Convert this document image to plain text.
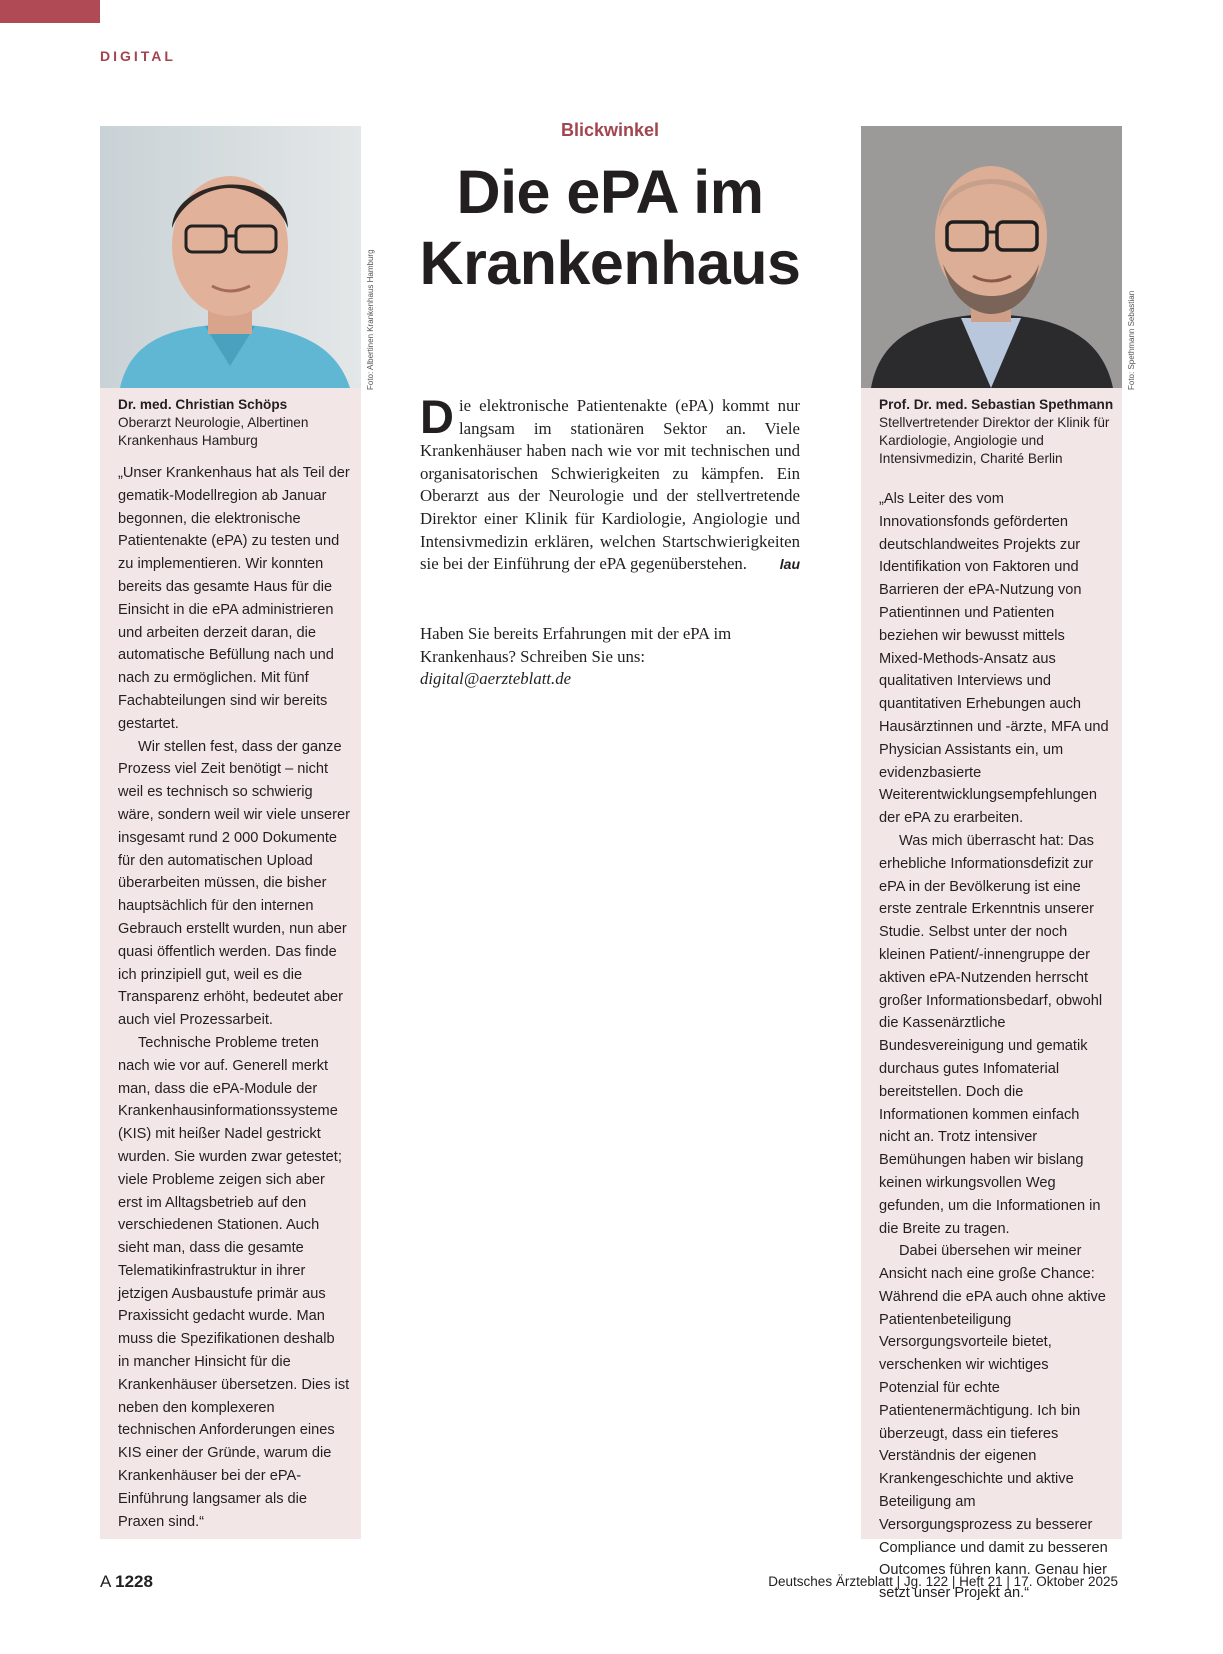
DIGITAL
Dr. med. Christian Schöps
Oberarzt Neurologie, Albertinen Krankenhaus Hamburg

„Unser Krankenhaus hat als Teil der gematik-Modellregion ab Januar begonnen, die elektronische Patientenakte (ePA) zu testen und zu implementieren. Wir konnten bereits das gesamte Haus für die Einsicht in die ePA administrieren und arbeiten derzeit daran, die automatische Befüllung nach und nach zu ermöglichen. Mit fünf Fachabteilungen sind wir bereits gestartet.

Wir stellen fest, dass der ganze Prozess viel Zeit benötigt – nicht weil es technisch so schwierig wäre, sondern weil wir viele unserer insgesamt rund 2 000 Dokumente für den automatischen Upload überarbeiten müssen, die bisher hauptsächlich für den internen Gebrauch erstellt wurden, nun aber quasi öffentlich werden. Das finde ich prinzipiell gut, weil es die Transparenz erhöht, bedeutet aber auch viel Prozessarbeit.

Technische Probleme treten nach wie vor auf. Generell merkt man, dass die ePA-Module der Krankenhausinformationssysteme (KIS) mit heißer Nadel gestrickt wurden. Sie wurden zwar getestet; viele Probleme zeigen sich aber erst im Alltagsbetrieb auf den verschiedenen Stationen. Auch sieht man, dass die gesamte Telematikinfrastruktur in ihrer jetzigen Ausbaustufe primär aus Praxissicht gedacht wurde. Man muss die Spezifikationen deshalb in mancher Hinsicht für die Krankenhäuser übersetzen. Dies ist neben den komplexeren technischen Anforderungen eines KIS einer der Gründe, warum die Krankenhäuser bei der ePA-Einführung langsamer als die Praxen sind.“

Foto: Albertinen Krankenhaus Hamburg
Blickwinkel
Die ePA im Krankenhaus
Die elektronische Patientenakte (ePA) kommt nur langsam im stationären Sektor an. Viele Krankenhäuser haben nach wie vor mit technischen und organisatorischen Schwierigkeiten zu kämpfen. Ein Oberarzt aus der Neurologie und der stellvertretende Direktor einer Klinik für Kardiologie, Angiologie und Intensivmedizin erklären, welchen Startschwierigkeiten sie bei der Einführung der ePA gegenüberstehen. lau
Haben Sie bereits Erfahrungen mit der ePA im Krankenhaus? Schreiben Sie uns: digital@aerzteblatt.de
Prof. Dr. med. Sebastian Spethmann
Stellvertretender Direktor der Klinik für Kardiologie, Angiologie und Intensivmedizin, Charité Berlin

„Als Leiter des vom Innovationsfonds geförderten deutschlandweites Projekts zur Identifikation von Faktoren und Barrieren der ePA-Nutzung von Patientinnen und Patienten beziehen wir bewusst mittels Mixed-Methods-Ansatz aus qualitativen Interviews und quantitativen Erhebungen auch Hausärztinnen und -ärzte, MFA und Physician Assistants ein, um evidenzbasierte Weiterentwicklungsempfehlungen der ePA zu erarbeiten.

Was mich überrascht hat: Das erhebliche Informationsdefizit zur ePA in der Bevölkerung ist eine erste zentrale Erkenntnis unserer Studie. Selbst unter der noch kleinen Patient/-innengruppe der aktiven ePA-Nutzenden herrscht großer Informationsbedarf, obwohl die Kassenärztliche Bundesvereinigung und gematik durchaus gutes Infomaterial bereitstellen. Doch die Informationen kommen einfach nicht an. Trotz intensiver Bemühungen haben wir bislang keinen wirkungsvollen Weg gefunden, um die Informationen in die Breite zu tragen.

Dabei übersehen wir meiner Ansicht nach eine große Chance: Während die ePA auch ohne aktive Patientenbeteiligung Versorgungsvorteile bietet, verschenken wir wichtiges Potenzial für echte Patientenermächtigung. Ich bin überzeugt, dass ein tieferes Verständnis der eigenen Krankengeschichte und aktive Beteiligung am Versorgungsprozess zu besserer Compliance und damit zu besseren Outcomes führen kann. Genau hier setzt unser Projekt an.“

Foto: Spethmann Sebastian
A 1228	Deutsches Ärzteblatt | Jg. 122 | Heft 21 | 17. Oktober 2025
